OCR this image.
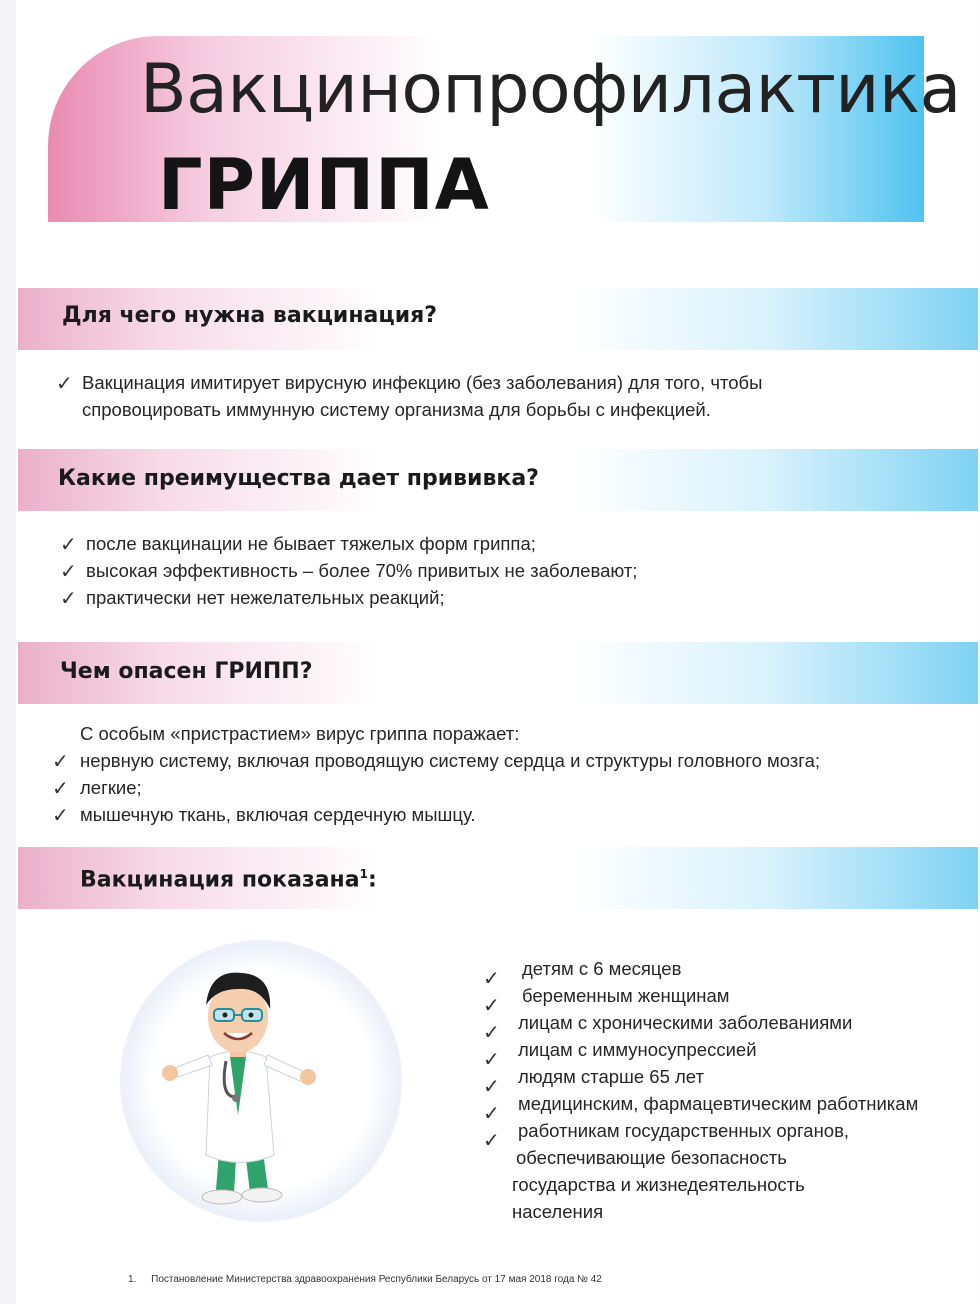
Вакцинопрофилактика
ГРИППА
Для чего нужна вакцинация?
✓ Вакцинация имитирует вирусную инфекцию (без заболевания) для того, чтобы
спровоцировать иммунную систему организма для борьбы с инфекцией.
Какие преимущества дает прививка?
✓ после вакцинации не бывает тяжелых форм гриппа;
✓ высокая эффективность – более 70% привитых не заболевают;
✓ практически нет нежелательных реакций;
Чем опасен ГРИПП?
С особым «пристрастием» вирус гриппа поражает:
✓ нервную систему, включая проводящую систему сердца и структуры головного мозга;
✓ легкие;
✓ мышечную ткань, включая сердечную мышцу.
Вакцинация показана$^1$:
✓ детям с 6 месяцев
✓ беременным женщинам
✓ лицам с хроническими заболеваниями
✓ лицам с иммуносупрессией
✓ людям старше 65 лет
✓ медицинским, фармацевтическим работникам
✓ работникам государственных органов,
обеспечивающие безопасность
государства и жизнедеятельность
населения
1. Постановление Министерства здравоохранения Республики Беларусь от 17 мая 2018 года № 42
